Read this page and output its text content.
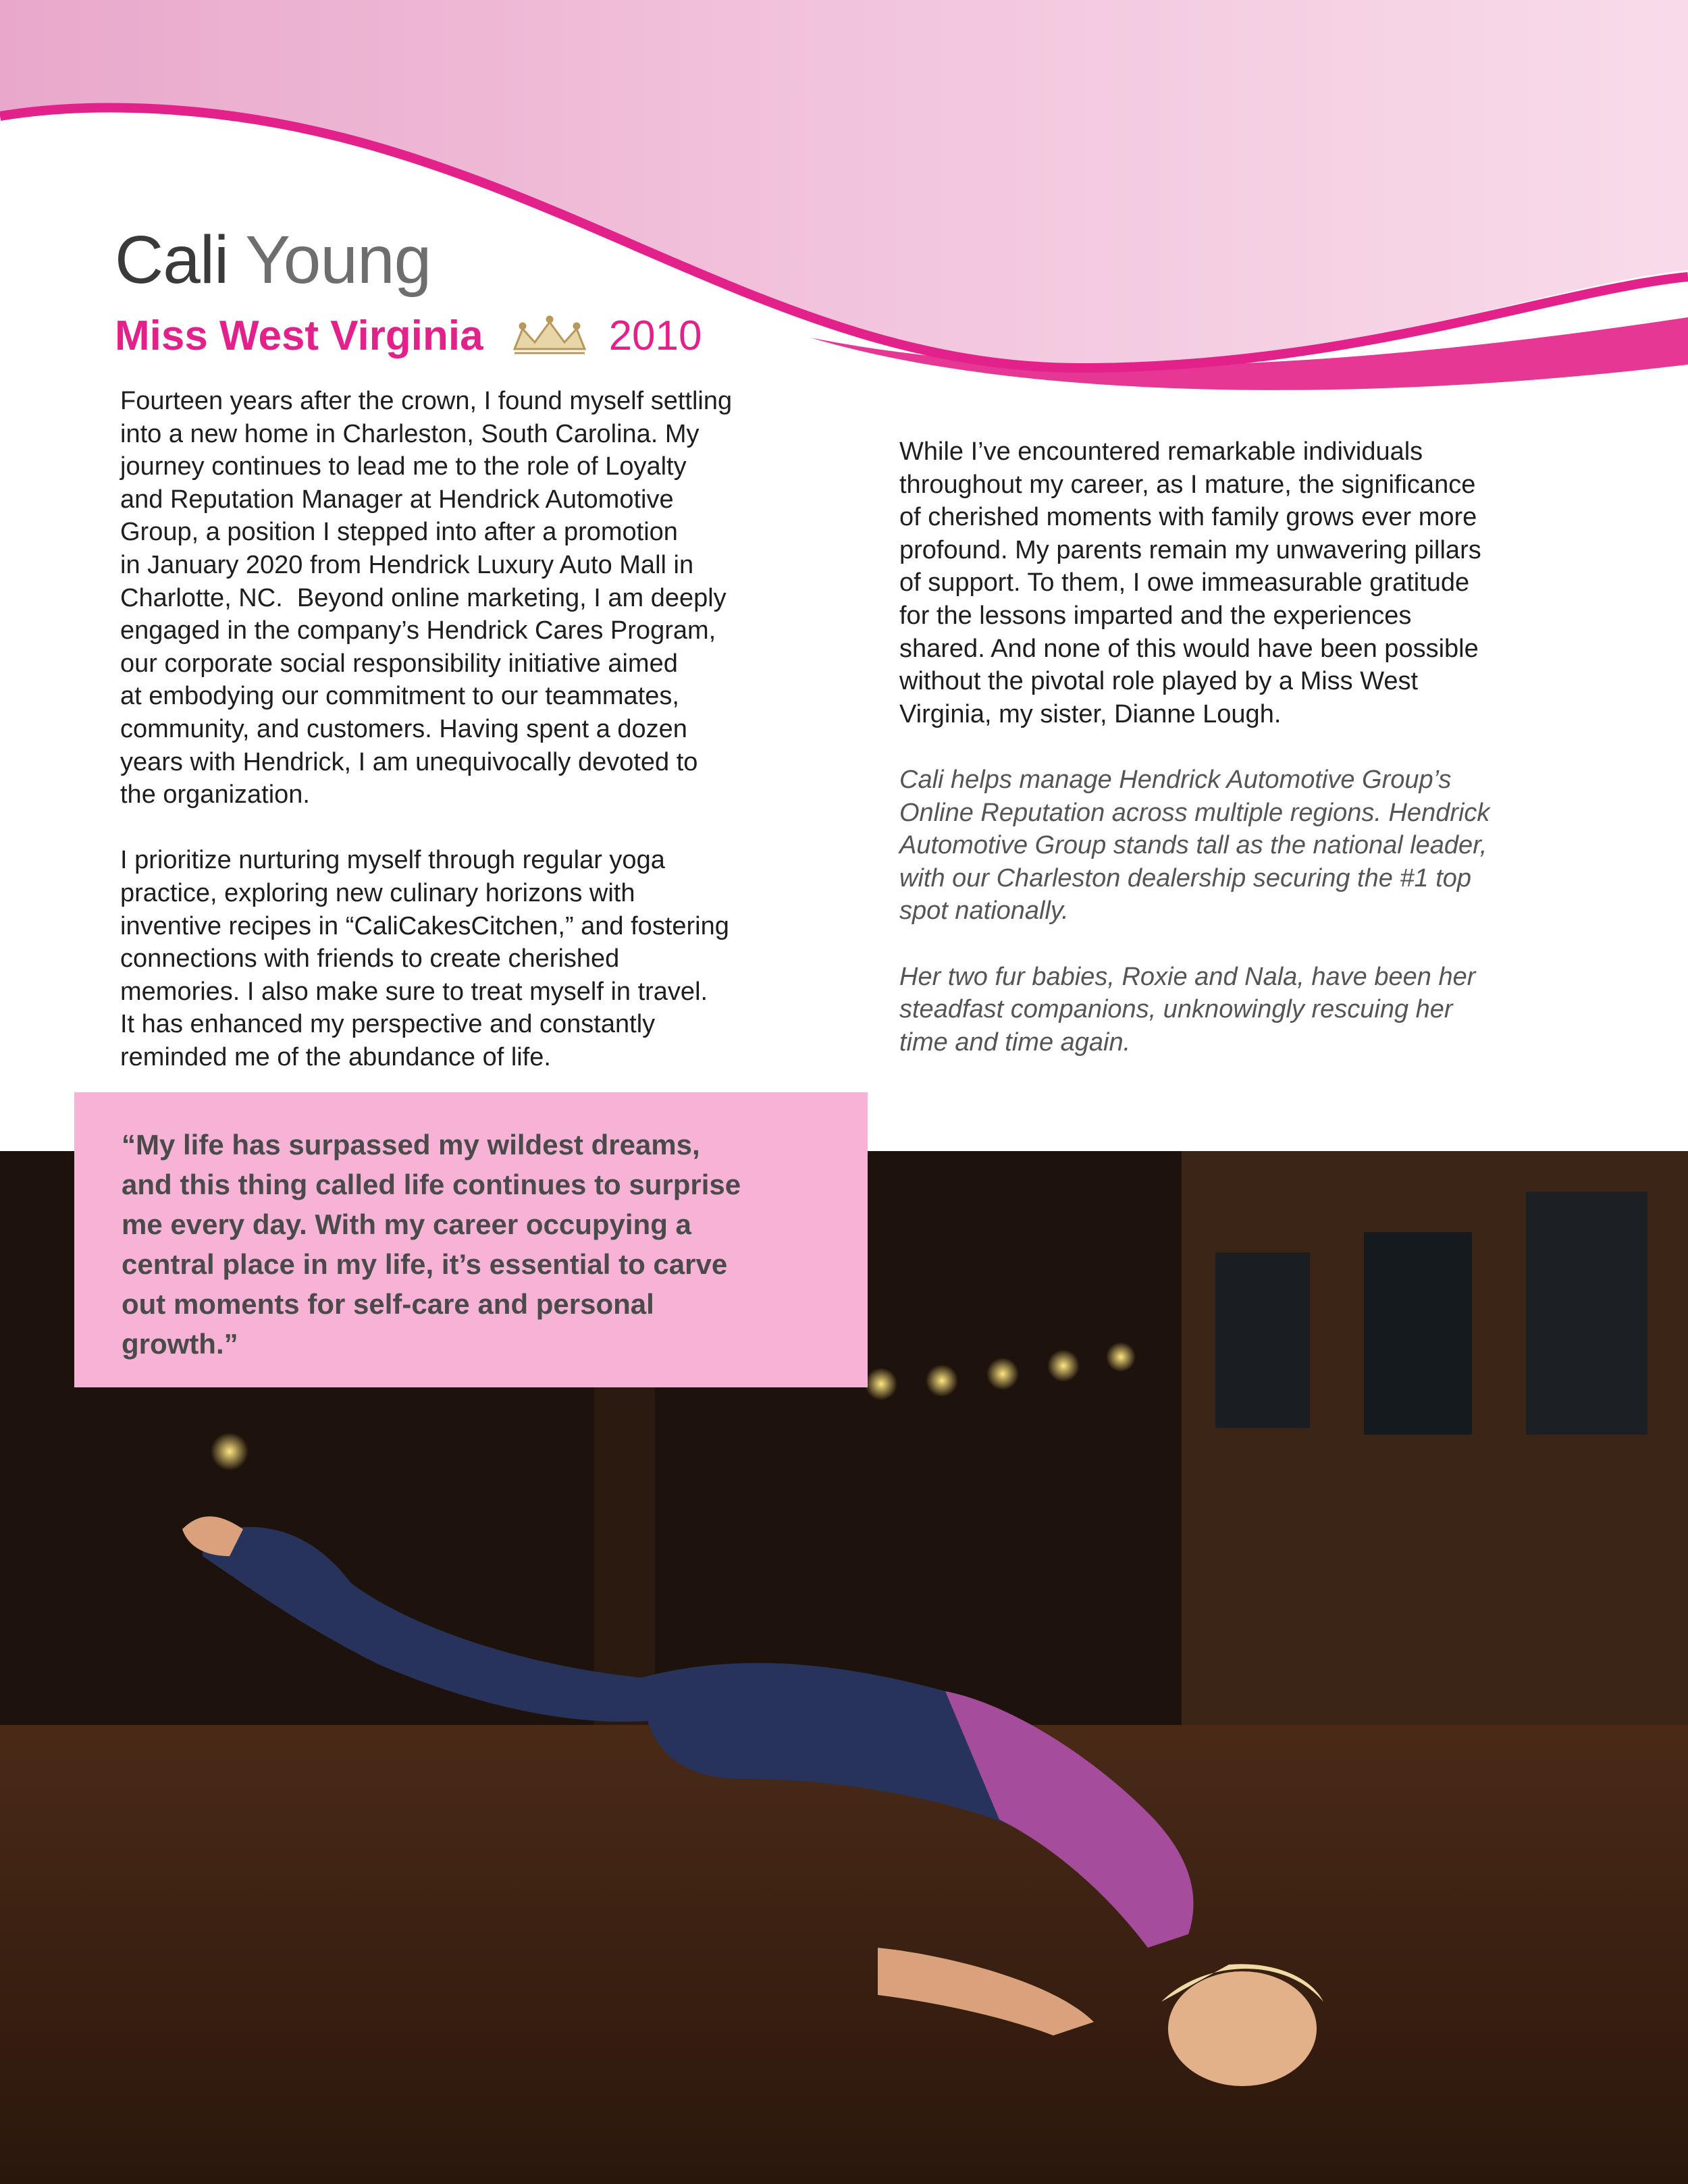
Cali Young
Miss West Virginia	2010

Fourteen years after the crown, I found myself settling

into a new home in Charleston, South Carolina. My

journey continues to lead me to the role of Loyalty

and Reputation Manager at Hendrick Automotive

Group, a position I stepped into after a promotion

in January 2020 from Hendrick Luxury Auto Mall in

Charlotte, NC.  Beyond online marketing, I am deeply

engaged in the company’s Hendrick Cares Program,

our corporate social responsibility initiative aimed

at embodying our commitment to our teammates,

community, and customers. Having spent a dozen

years with Hendrick, I am unequivocally devoted to

the organization.

I prioritize nurturing myself through regular yoga

practice, exploring new culinary horizons with

inventive recipes in “CaliCakesCitchen,” and fostering

connections with friends to create cherished

memories. I also make sure to treat myself in travel.

It has enhanced my perspective and constantly

reminded me of the abundance of life.

While I’ve encountered remarkable individuals

throughout my career, as I mature, the significance

of cherished moments with family grows ever more

profound. My parents remain my unwavering pillars

of support. To them, I owe immeasurable gratitude

for the lessons imparted and the experiences

shared. And none of this would have been possible

without the pivotal role played by a Miss West

Virginia, my sister, Dianne Lough.

Cali helps manage Hendrick Automotive Group’s

Online Reputation across multiple regions. Hendrick

Automotive Group stands tall as the national leader,

with our Charleston dealership securing the #1 top

spot nationally.

Her two fur babies, Roxie and Nala, have been her

steadfast companions, unknowingly rescuing her

time and time again.

“My life has surpassed my wildest dreams,

and this thing called life continues to surprise

me every day. With my career occupying a

central place in my life, it’s essential to carve

out moments for self-care and personal

growth.”
